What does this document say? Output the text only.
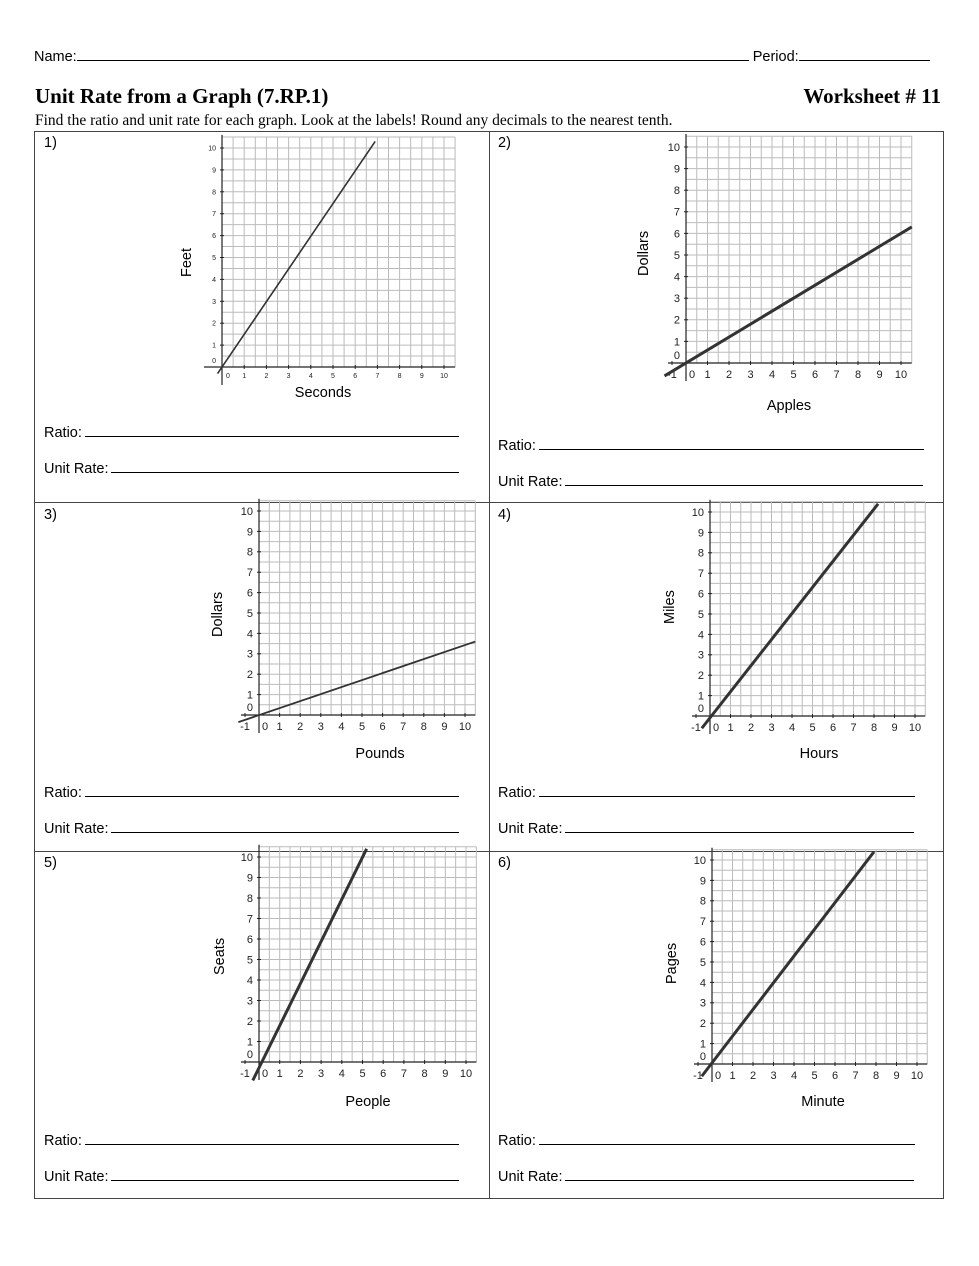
Name:	Period:
Unit Rate from a Graph (7.RP.1)	Worksheet # 11
Find the ratio and unit rate for each graph. Look at the labels! Round any decimals to the nearest tenth.
1)
0 1	2	3	4	5	6	7	8	9 10
0
1
2
3
4
5
6
7
8
9
10
Feet
Seconds
Ratio:
Unit Rate:
2)
-1 0 1 2 3 4 5 6 7 8 9 10
0
1
2
3
4
5
6
7
8
9
10
Dollars
Apples
Ratio:
Unit Rate:
3)
-1 0 1 2 3 4 5 6 7 8 9 10
0
1
2
3
4
5
6
7
8
9
10
Dollars
Pounds
Ratio:
Unit Rate:
4)
-1 0 1 2 3 4 5 6 7 8 9 10
0
1
2
3
4
5
6
7
8
9
10
Miles
Hours
Ratio:
Unit Rate:
5)
-1 0 1 2 3 4 5 6 7 8 9 10
0
1
2
3
4
5
6
7
8
9
10
Seats
People
Ratio:
Unit Rate:
6)
-1 0 1 2 3 4 5 6 7 8 9 10
0
1
2
3
4
5
6
7
8
9
10
Pages
Minute
Ratio:
Unit Rate:
